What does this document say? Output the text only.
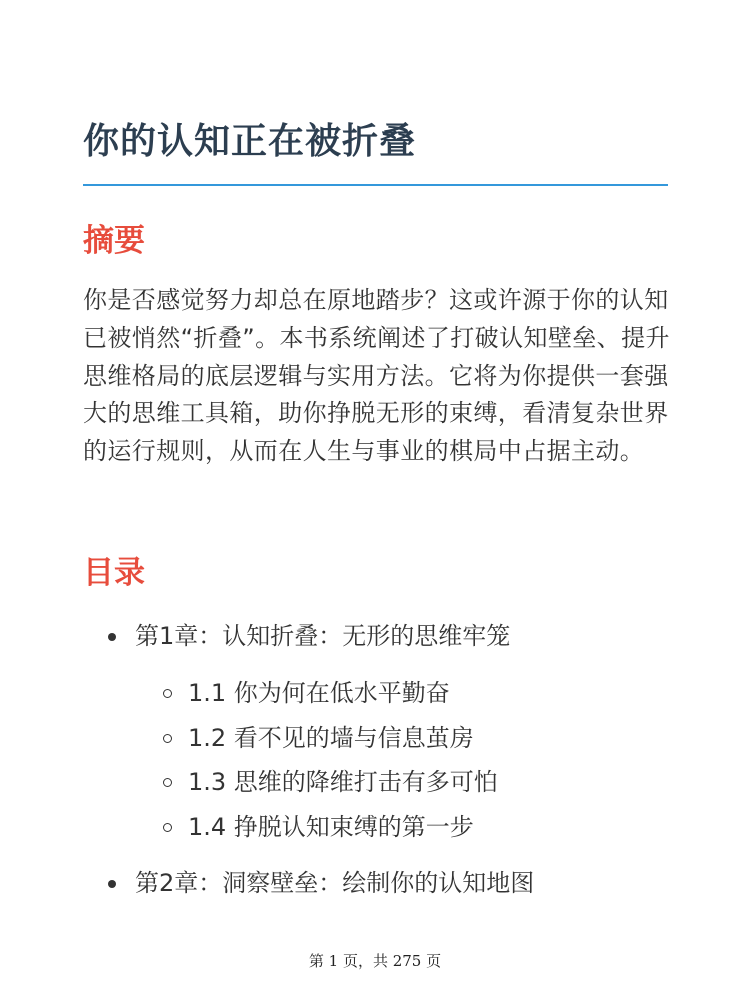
你的认知正在被折叠
摘要

你是否感觉努力却总在原地踏步？这或许源于你的认知已被悄然“折叠”。本书系统阐述了打破认知壁垒、提升思维格局的底层逻辑与实用方法。它将为你提供一套强大的思维工具箱，助你挣脱无形的束缚，看清复杂世界的运行规则，从而在人生与事业的棋局中占据主动。

目录
第1章：认知折叠：无形的思维牢笼
1.1 你为何在低水平勤奋
1.2 看不见的墙与信息茧房
1.3 思维的降维打击有多可怕
1.4 挣脱认知束缚的第一步
第2章：洞察壁垒：绘制你的认知地图
第 1 页，共 275 页
